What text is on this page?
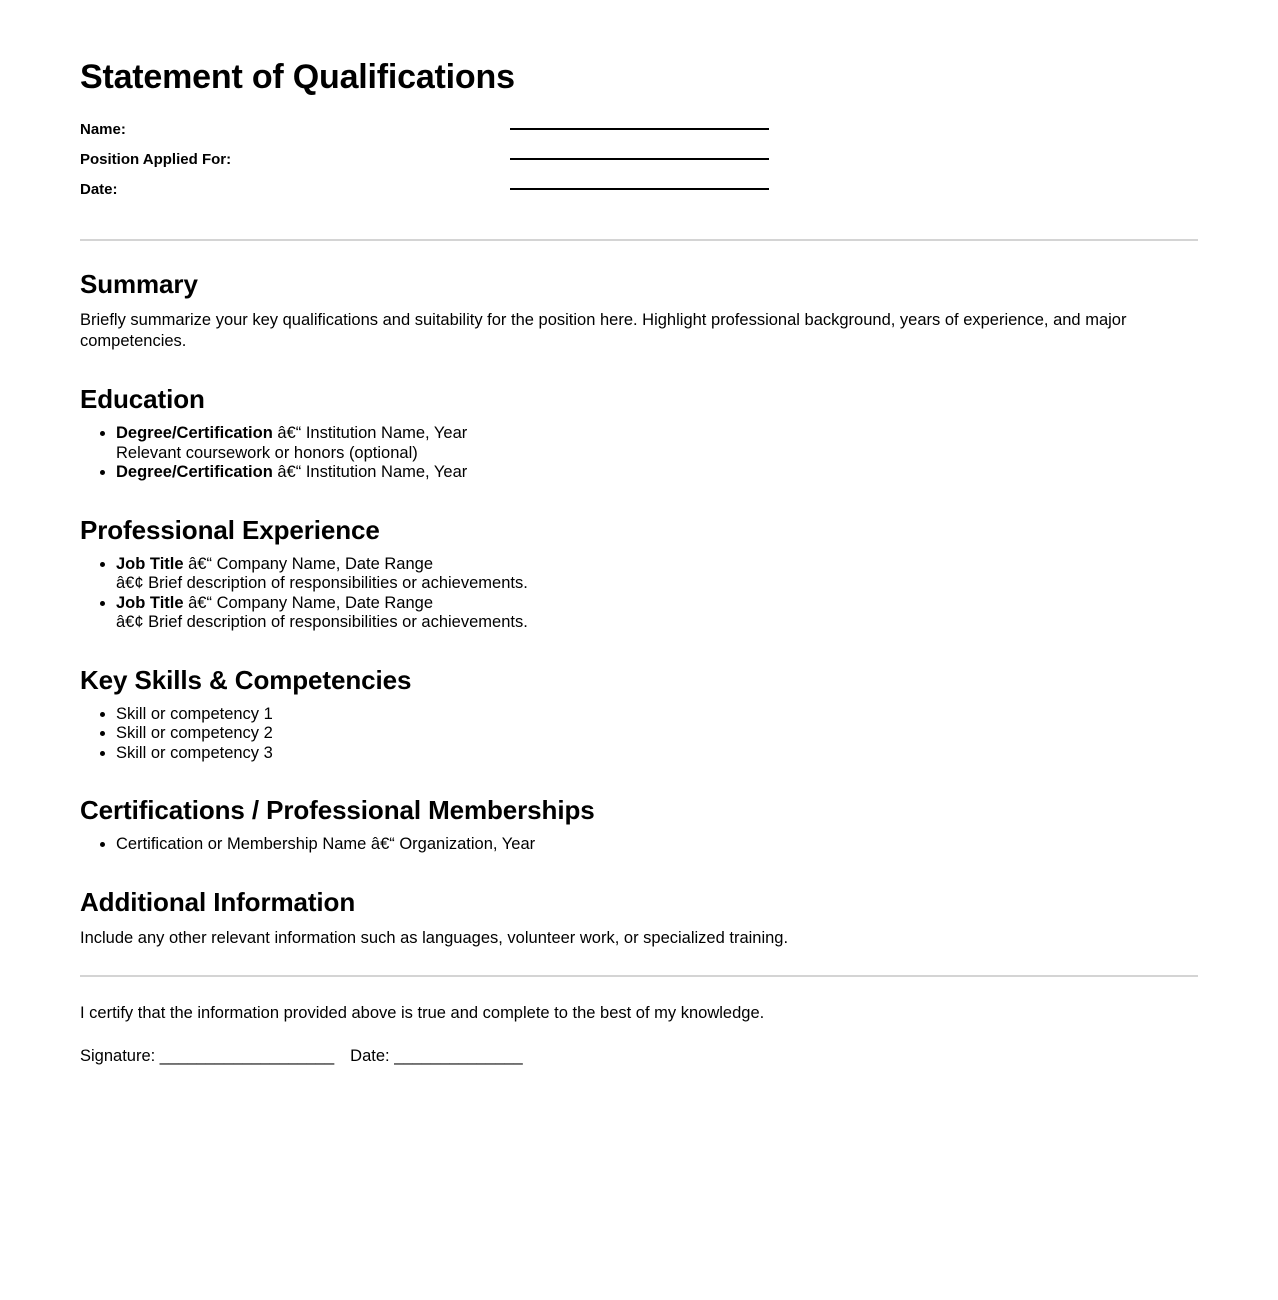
Statement of Qualifications
Name:
Position Applied For:
Date:
Summary

Briefly summarize your key qualifications and suitability for the position here. Highlight professional background, years of experience, and major competencies.

Education
• Degree/Certification â€“ Institution Name, Year
Relevant coursework or honors (optional)
• Degree/Certification â€“ Institution Name, Year
Professional Experience
• Job Title â€“ Company Name, Date Range
â€¢ Brief description of responsibilities or achievements.
• Job Title â€“ Company Name, Date Range
â€¢ Brief description of responsibilities or achievements.
Key Skills & Competencies
• Skill or competency 1
• Skill or competency 2
• Skill or competency 3
Certifications / Professional Memberships
• Certification or Membership Name â€“ Organization, Year
Additional Information

Include any other relevant information such as languages, volunteer work, or specialized training.

I certify that the information provided above is true and complete to the best of my knowledge.

Signature: ___________________ Date: ______________
